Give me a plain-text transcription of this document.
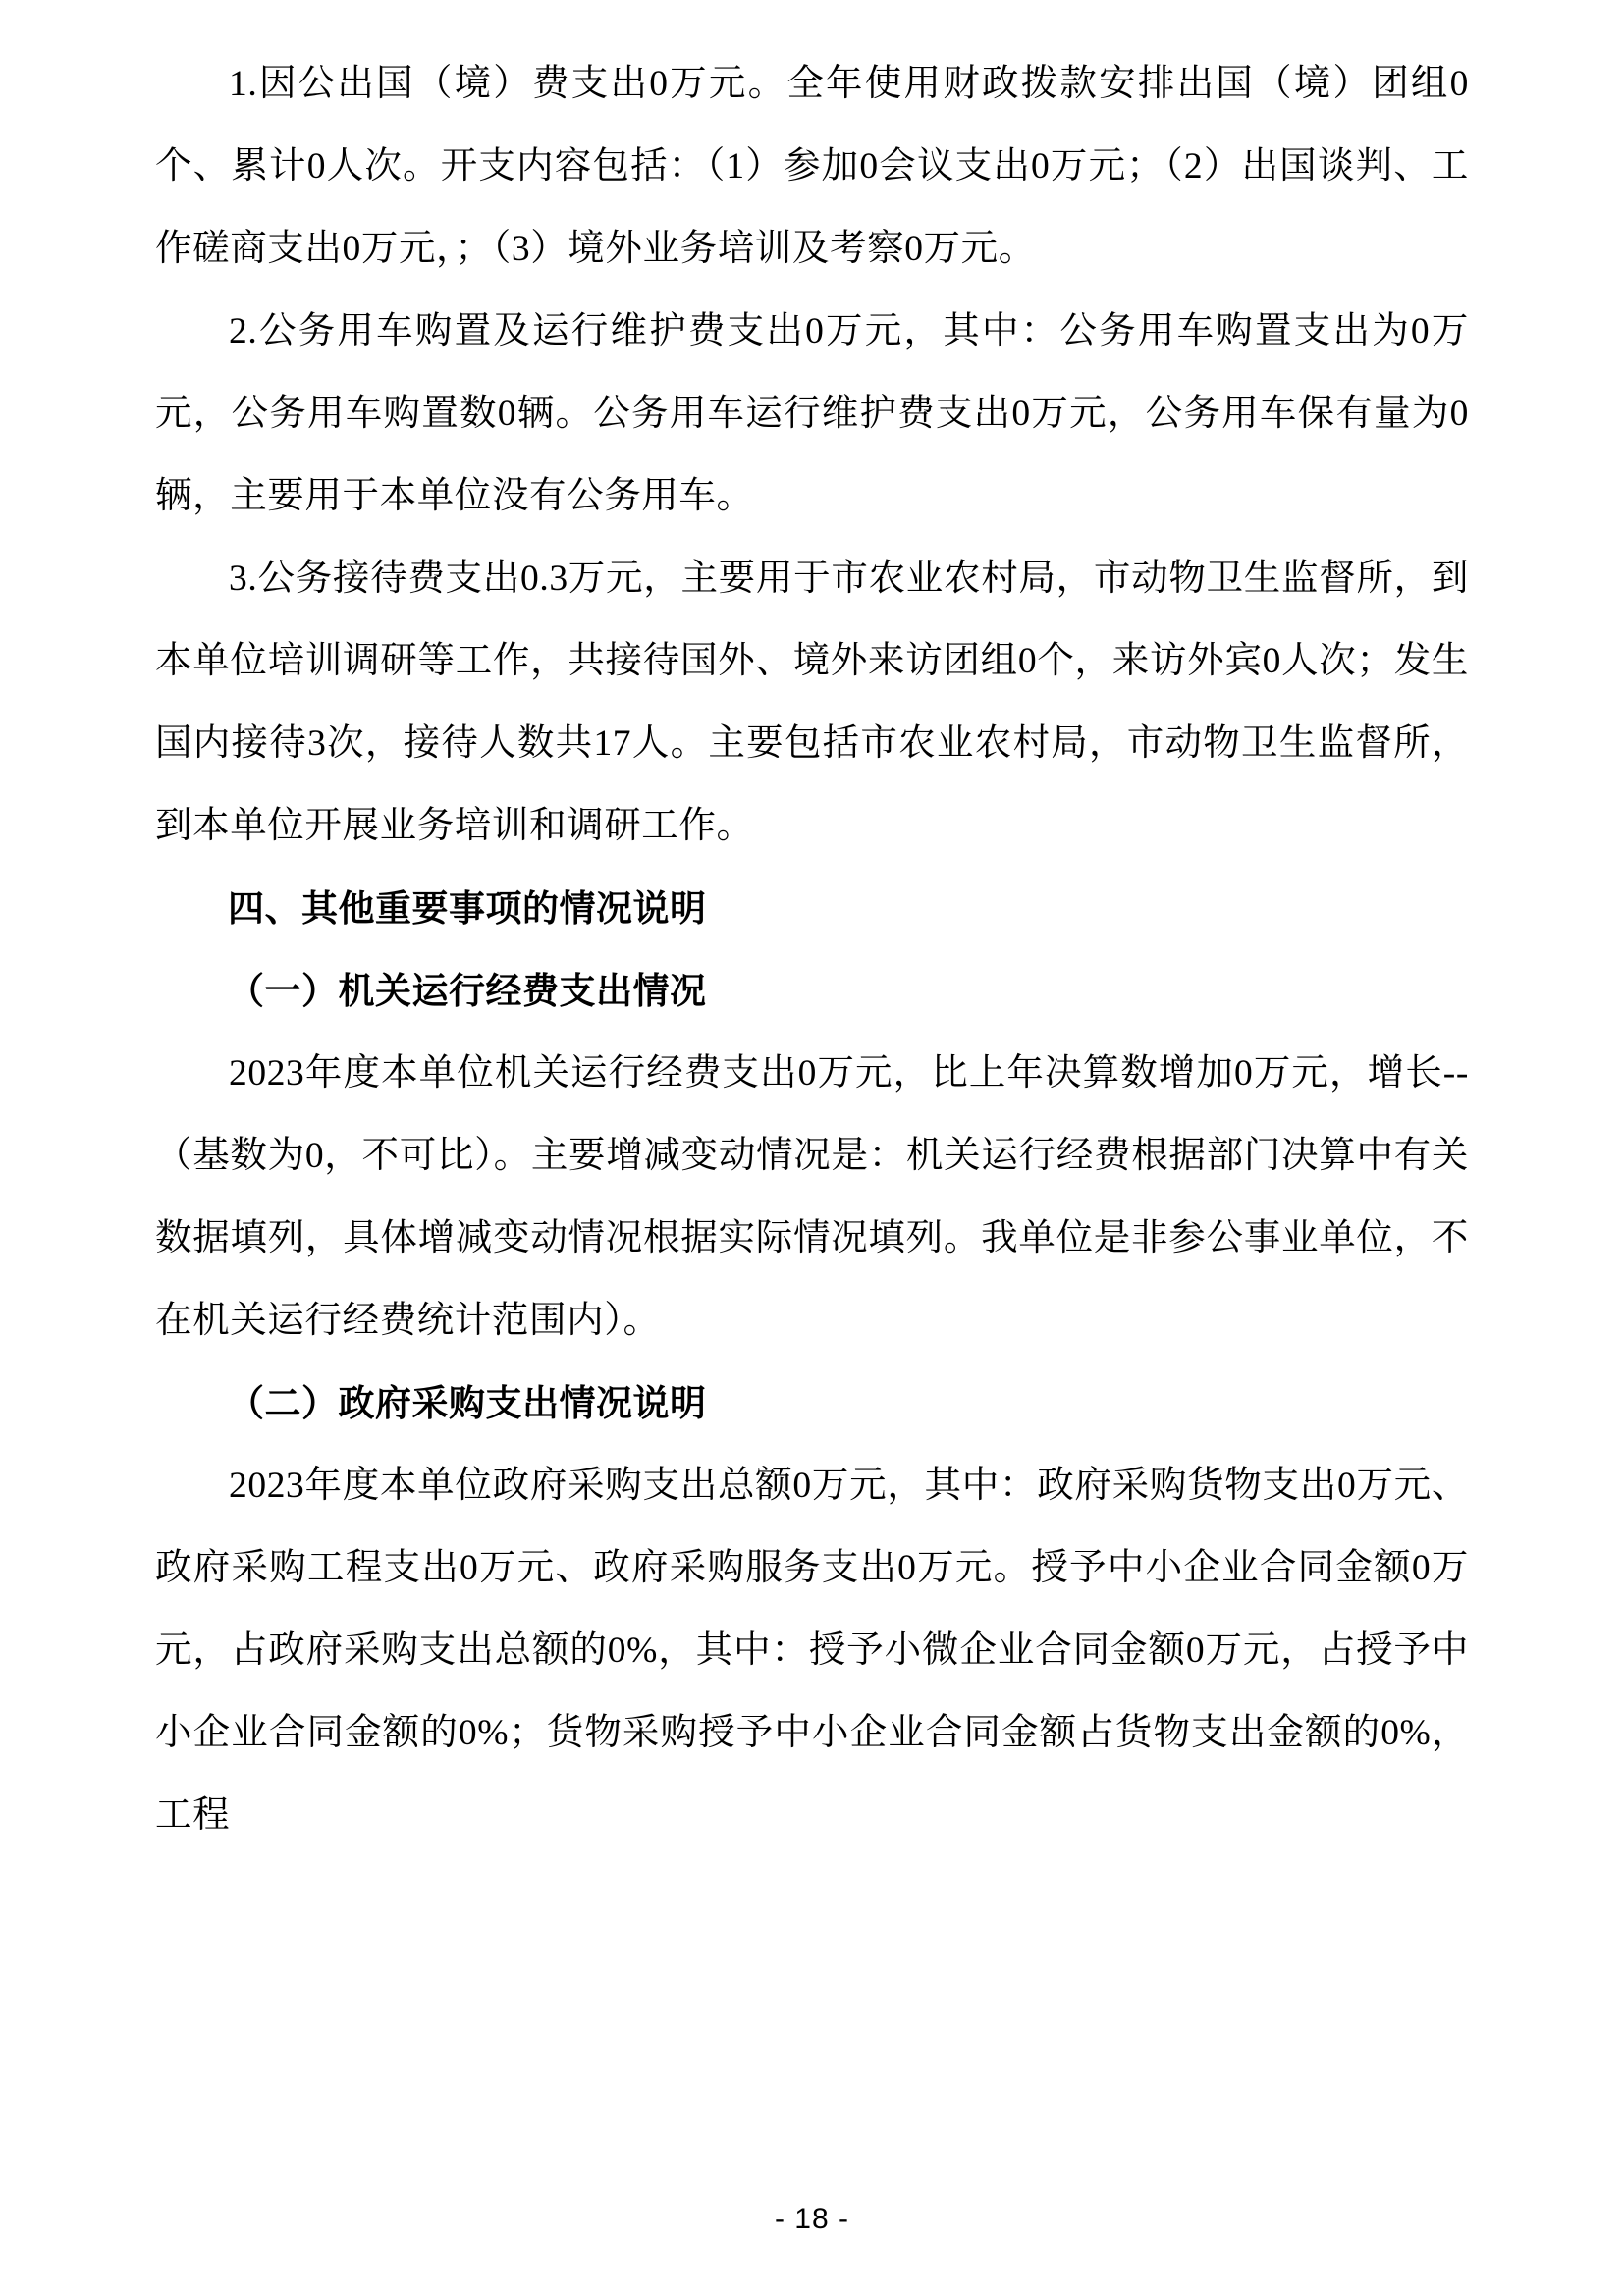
1.因公出国（境）费支出0万元。全年使用财政拨款安排出国（境）团组0个、累计0人次。开支内容包括：（1）参加0会议支出0万元；（2）出国谈判、工作磋商支出0万元，；（3）境外业务培训及考察0万元。

2.公务用车购置及运行维护费支出0万元，其中：公务用车购置支出为0万元，公务用车购置数0辆。公务用车运行维护费支出0万元，公务用车保有量为0辆，主要用于本单位没有公务用车。

3.公务接待费支出0.3万元，主要用于市农业农村局，市动物卫生监督所，到本单位培训调研等工作，共接待国外、境外来访团组0个，来访外宾0人次；发生国内接待3次，接待人数共17人。主要包括市农业农村局，市动物卫生监督所，到本单位开展业务培训和调研工作。

四、其他重要事项的情况说明
（一）机关运行经费支出情况

2023年度本单位机关运行经费支出0万元，比上年决算数增加0万元，增长--（基数为0，不可比）。主要增减变动情况是：机关运行经费根据部门决算中有关数据填列，具体增减变动情况根据实际情况填列。我单位是非参公事业单位，不在机关运行经费统计范围内）。

（二）政府采购支出情况说明

2023年度本单位政府采购支出总额0万元，其中：政府采购货物支出0万元、政府采购工程支出0万元、政府采购服务支出0万元。授予中小企业合同金额0万元，占政府采购支出总额的0%，其中：授予小微企业合同金额0万元，占授予中小企业合同金额的0%；货物采购授予中小企业合同金额占货物支出金额的0%，工程

- 18 -
